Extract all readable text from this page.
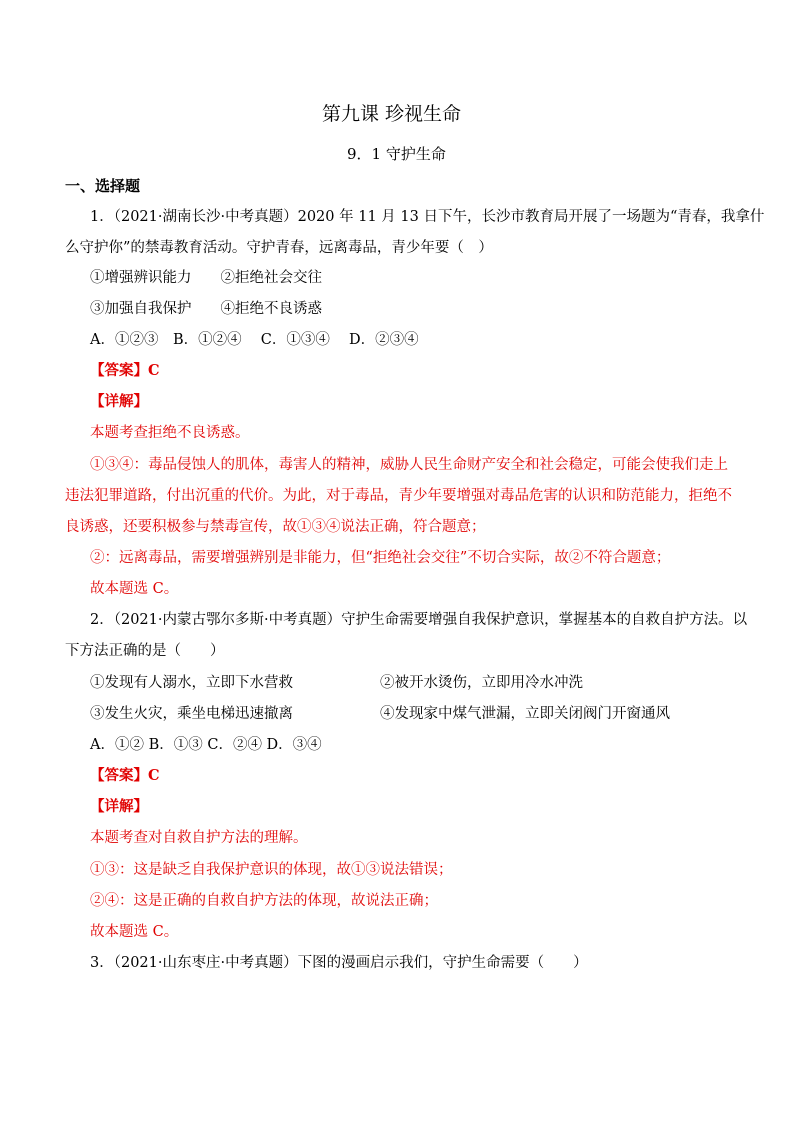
第九课 珍视生命
9．1 守护生命
一、选择题
1．（2021·湖南长沙·中考真题）2020 年 11 月 13 日下午，长沙市教育局开展了一场题为“青春，我拿什
么守护你”的禁毒教育活动。守护青春，远离毒品，青少年要（　）
①增强辨识能力　　②拒绝社会交往
③加强自我保护　　④拒绝不良诱惑
A．①②③　B．①②④　 C．①③④　 D．②③④
【答案】C
【详解】
本题考查拒绝不良诱惑。
①③④：毒品侵蚀人的肌体，毒害人的精神，威胁人民生命财产安全和社会稳定，可能会使我们走上
违法犯罪道路，付出沉重的代价。为此，对于毒品，青少年要增强对毒品危害的认识和防范能力，拒绝不
良诱惑，还要积极参与禁毒宣传，故①③④说法正确，符合题意；
②：远离毒品，需要增强辨别是非能力，但“拒绝社会交往”不切合实际，故②不符合题意；
故本题选 C。
2．（2021·内蒙古鄂尔多斯·中考真题）守护生命需要增强自我保护意识，掌握基本的自救自护方法。以
下方法正确的是（　　）
①发现有人溺水，立即下水营救	②被开水烫伤，立即用冷水冲洗
③发生火灾，乘坐电梯迅速撤离	④发现家中煤气泄漏，立即关闭阀门开窗通风
A．①② B．①③ C．②④ D．③④
【答案】C
【详解】
本题考查对自救自护方法的理解。
①③：这是缺乏自我保护意识的体现，故①③说法错误；
②④：这是正确的自救自护方法的体现，故说法正确；
故本题选 C。
3．（2021·山东枣庄·中考真题）下图的漫画启示我们，守护生命需要（　　）
